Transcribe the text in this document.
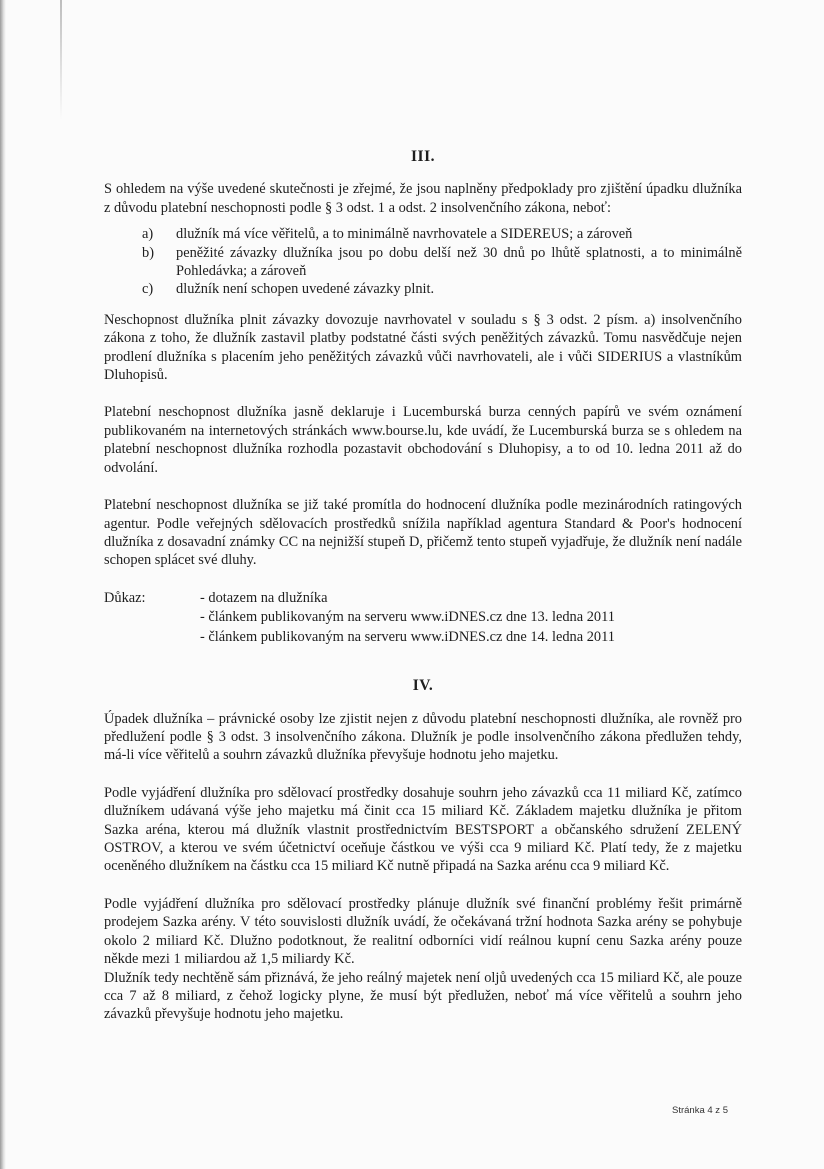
III.

S ohledem na výše uvedené skutečnosti je zřejmé, že jsou naplněny předpoklady pro zjištění úpadku dlužníka z důvodu platební neschopnosti podle § 3 odst. 1 a odst. 2 insolvenčního zákona, neboť:

a)	dlužník má více věřitelů, a to minimálně navrhovatele a SIDEREUS; a zároveň
b)	peněžité závazky dlužníka jsou po dobu delší než 30 dnů po lhůtě splatnosti, a to minimálně Pohledávka; a zároveň
c)	dlužník není schopen uvedené závazky plnit.

Neschopnost dlužníka plnit závazky dovozuje navrhovatel v souladu s § 3 odst. 2 písm. a) insolvenčního zákona z toho, že dlužník zastavil platby podstatné části svých peněžitých závazků. Tomu nasvědčuje nejen prodlení dlužníka s placením jeho peněžitých závazků vůči navrhovateli, ale i vůči SIDERIUS a vlastníkům Dluhopisů.

Platební neschopnost dlužníka jasně deklaruje i Lucemburská burza cenných papírů ve svém oznámení publikovaném na internetových stránkách www.bourse.lu, kde uvádí, že Lucemburská burza se s ohledem na platební neschopnost dlužníka rozhodla pozastavit obchodování s Dluhopisy, a to od 10. ledna 2011 až do odvolání.

Platební neschopnost dlužníka se již také promítla do hodnocení dlužníka podle mezinárodních ratingových agentur. Podle veřejných sdělovacích prostředků snížila například agentura Standard & Poor's hodnocení dlužníka z dosavadní známky CC na nejnižší stupeň D, přičemž tento stupeň vyjadřuje, že dlužník není nadále schopen splácet své dluhy.

Důkaz:	- dotazem na dlužníka
- článkem publikovaným na serveru www.iDNES.cz dne 13. ledna 2011
- článkem publikovaným na serveru www.iDNES.cz dne 14. ledna 2011
IV.

Úpadek dlužníka – právnické osoby lze zjistit nejen z důvodu platební neschopnosti dlužníka, ale rovněž pro předlužení podle § 3 odst. 3 insolvenčního zákona. Dlužník je podle insolvenčního zákona předlužen tehdy, má-li více věřitelů a souhrn závazků dlužníka převyšuje hodnotu jeho majetku.

Podle vyjádření dlužníka pro sdělovací prostředky dosahuje souhrn jeho závazků cca 11 miliard Kč, zatímco dlužníkem udávaná výše jeho majetku má činit cca 15 miliard Kč. Základem majetku dlužníka je přitom Sazka aréna, kterou má dlužník vlastnit prostřednictvím BESTSPORT a občanského sdružení ZELENÝ OSTROV, a kterou ve svém účetnictví oceňuje částkou ve výši cca 9 miliard Kč. Platí tedy, že z majetku oceněného dlužníkem na částku cca 15 miliard Kč nutně připadá na Sazka arénu cca 9 miliard Kč.

Podle vyjádření dlužníka pro sdělovací prostředky plánuje dlužník své finanční problémy řešit primárně prodejem Sazka arény. V této souvislosti dlužník uvádí, že očekávaná tržní hodnota Sazka arény se pohybuje okolo 2 miliard Kč. Dlužno podotknout, že realitní odborníci vidí reálnou kupní cenu Sazka arény pouze někde mezi 1 miliardou až 1,5 miliardy Kč.

Dlužník tedy nechtěně sám přiznává, že jeho reálný majetek není oljů uvedených cca 15 miliard Kč, ale pouze cca 7 až 8 miliard, z čehož logicky plyne, že musí být předlužen, neboť má více věřitelů a souhrn jeho závazků převyšuje hodnotu jeho majetku.

Stránka 4 z 5
